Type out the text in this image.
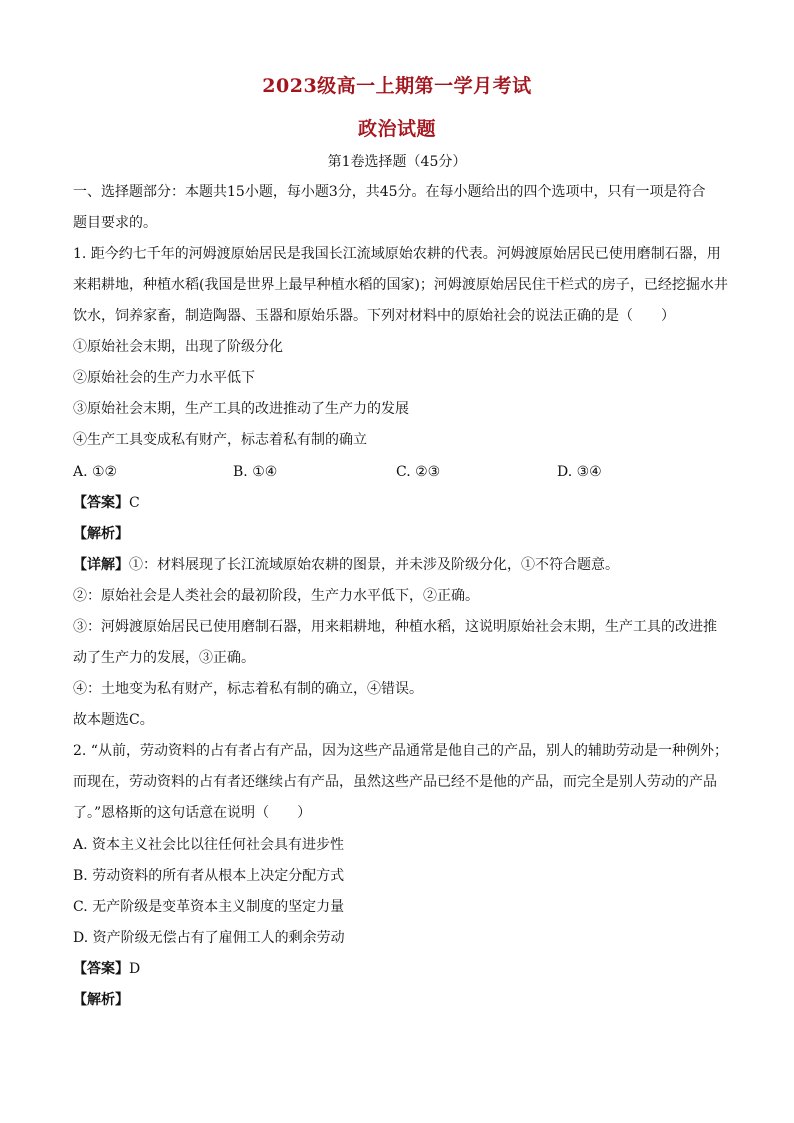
2023级高一上期第一学月考试
政治试题
第1卷选择题（45分）
一、选择题部分：本题共15小题，每小题3分，共45分。在每小题给出的四个选项中，只有一项是符合
题目要求的。
1. 距今约七千年的河姆渡原始居民是我国长江流域原始农耕的代表。河姆渡原始居民已使用磨制石器，用
来耜耕地，种植水稻(我国是世界上最早种植水稻的国家)；河姆渡原始居民住干栏式的房子，已经挖掘水井
饮水，饲养家畜，制造陶器、玉器和原始乐器。下列对材料中的原始社会的说法正确的是（　　）
①原始社会末期，出现了阶级分化
②原始社会的生产力水平低下
③原始社会末期，生产工具的改进推动了生产力的发展
④生产工具变成私有财产，标志着私有制的确立
A. ①②	B. ①④	C. ②③	D. ③④
【答案】C
【解析】
【详解】①：材料展现了长江流域原始农耕的图景，并未涉及阶级分化，①不符合题意。
②：原始社会是人类社会的最初阶段，生产力水平低下，②正确。
③：河姆渡原始居民已使用磨制石器，用来耜耕地，种植水稻，这说明原始社会末期，生产工具的改进推
动了生产力的发展，③正确。
④：土地变为私有财产，标志着私有制的确立，④错误。
故本题选C。
2. “从前，劳动资料的占有者占有产品，因为这些产品通常是他自己的产品，别人的辅助劳动是一种例外；
而现在，劳动资料的占有者还继续占有产品，虽然这些产品已经不是他的产品，而完全是别人劳动的产品
了。”恩格斯的这句话意在说明（　　）
A. 资本主义社会比以往任何社会具有进步性
B. 劳动资料的所有者从根本上决定分配方式
C. 无产阶级是变革资本主义制度的坚定力量
D. 资产阶级无偿占有了雇佣工人的剩余劳动
【答案】D
【解析】
